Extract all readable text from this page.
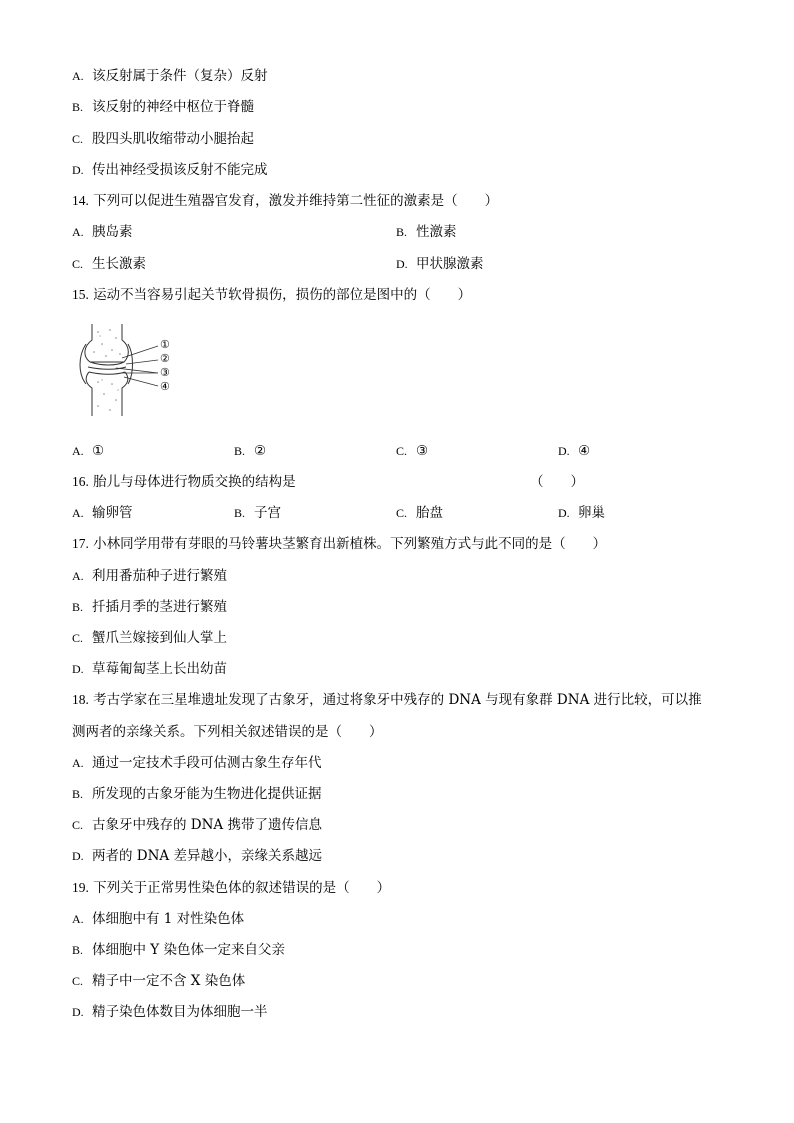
A. 该反射属于条件（复杂）反射
B. 该反射的神经中枢位于脊髓
C. 股四头肌收缩带动小腿抬起
D. 传出神经受损该反射不能完成
14. 下列可以促进生殖器官发育，激发并维持第二性征的激素是（　　）
A. 胰岛素	B. 性激素
C. 生长激素	D. 甲状腺激素
15. 运动不当容易引起关节软骨损伤，损伤的部位是图中的（　　）
①
②
③
④
A. ①	B. ②	C. ③	D. ④
16. 胎儿与母体进行物质交换的结构是	（　　）
A. 输卵管	B. 子宫	C. 胎盘	D. 卵巢
17. 小林同学用带有芽眼的马铃薯块茎繁育出新植株。下列繁殖方式与此不同的是（　　）
A. 利用番茄种子进行繁殖
B. 扦插月季的茎进行繁殖
C. 蟹爪兰嫁接到仙人掌上
D. 草莓匍匐茎上长出幼苗
18. 考古学家在三星堆遗址发现了古象牙，通过将象牙中残存的 DNA 与现有象群 DNA 进行比较，可以推
测两者的亲缘关系。下列相关叙述错误的是（　　）
A. 通过一定技术手段可估测古象生存年代
B. 所发现的古象牙能为生物进化提供证据
C. 古象牙中残存的 DNA 携带了遗传信息
D. 两者的 DNA 差异越小，亲缘关系越远
19. 下列关于正常男性染色体的叙述错误的是（　　）
A. 体细胞中有 1 对性染色体
B. 体细胞中 Y 染色体一定来自父亲
C. 精子中一定不含 X 染色体
D. 精子染色体数目为体细胞一半
